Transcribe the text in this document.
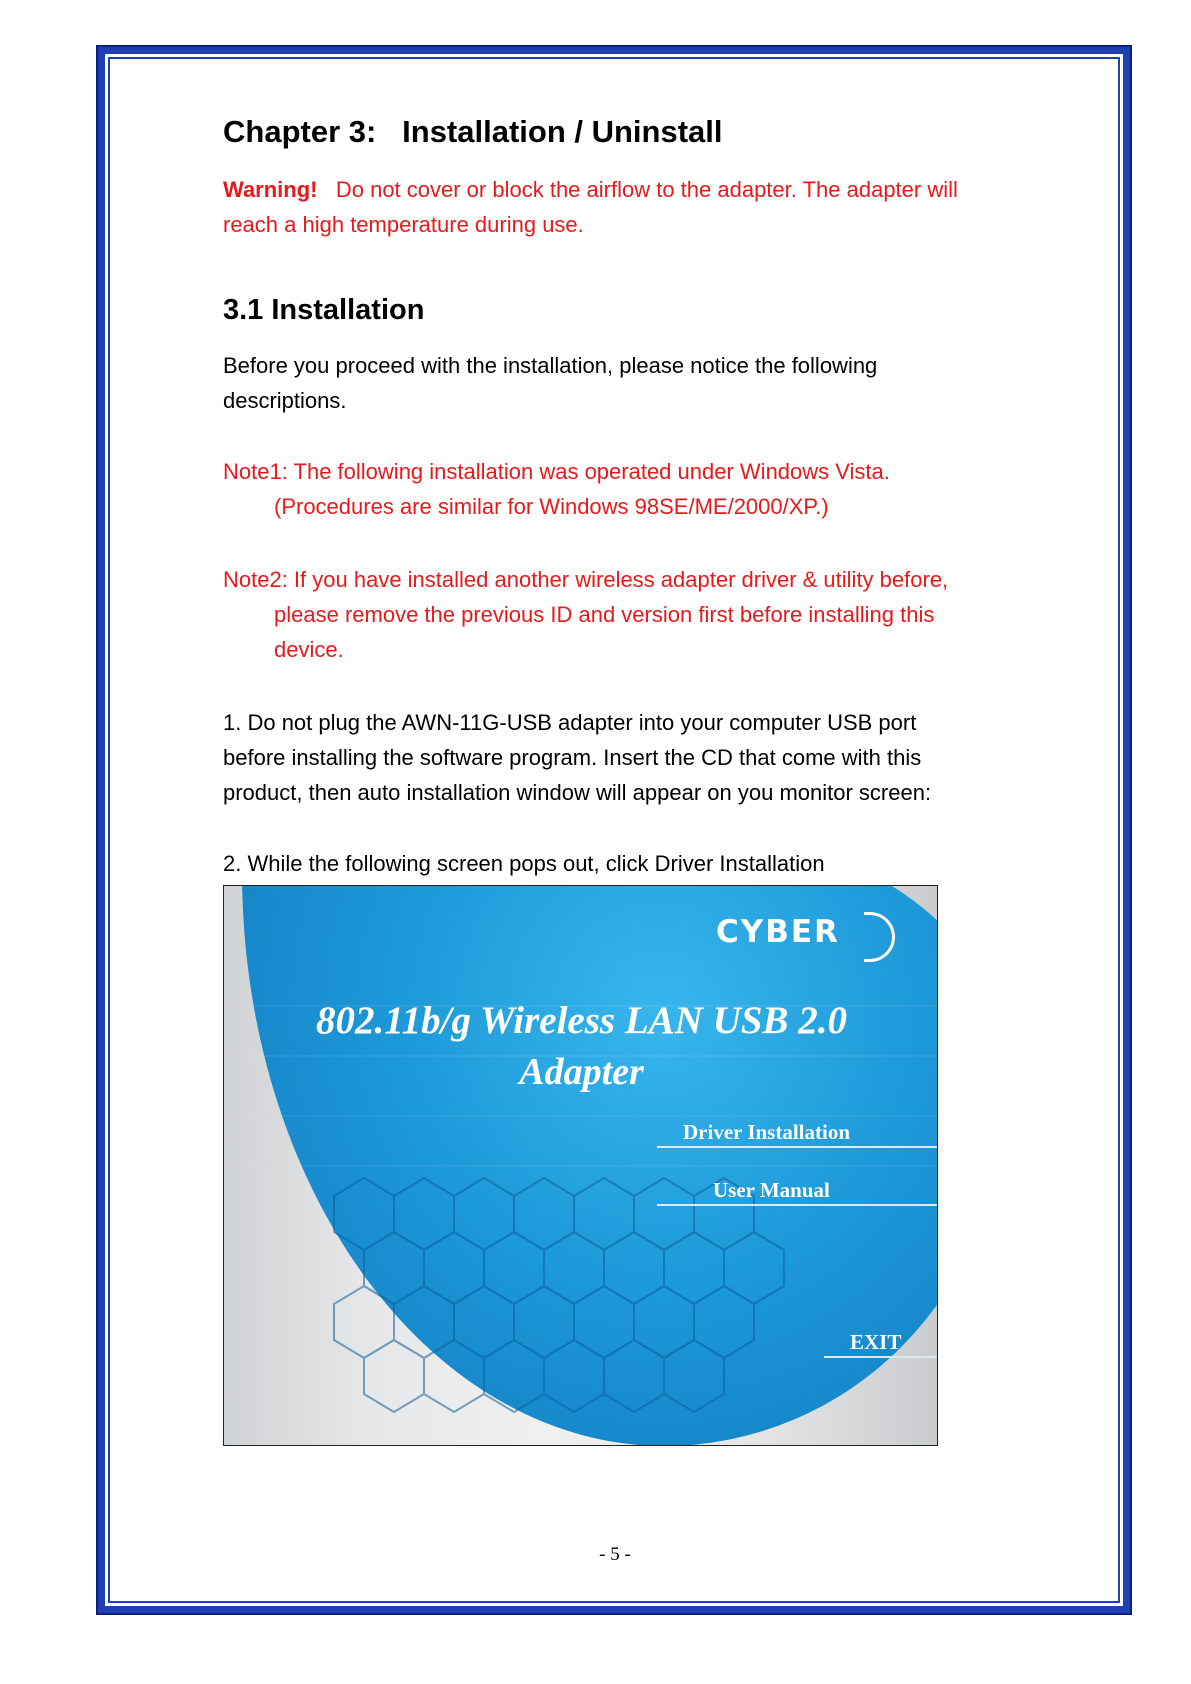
Chapter 3:   Installation / Uninstall
Warning! Do not cover or block the airflow to the adapter. The adapter will reach a high temperature during use.
3.1 Installation
Before you proceed with the installation, please notice the following descriptions.
Note1: The following installation was operated under Windows Vista.
(Procedures are similar for Windows 98SE/ME/2000/XP.)
Note2: If you have installed another wireless adapter driver & utility before,
please remove the previous ID and version first before installing this
device.
1. Do not plug the AWN-11G-USB adapter into your computer USB port before installing the software program. Insert the CD that come with this product, then auto installation window will appear on you monitor screen:
2. While the following screen pops out, click Driver Installation
CYBER
802.11b/g Wireless LAN USB 2.0
Adapter
Driver Installation
User Manual
EXIT
- 5 -
